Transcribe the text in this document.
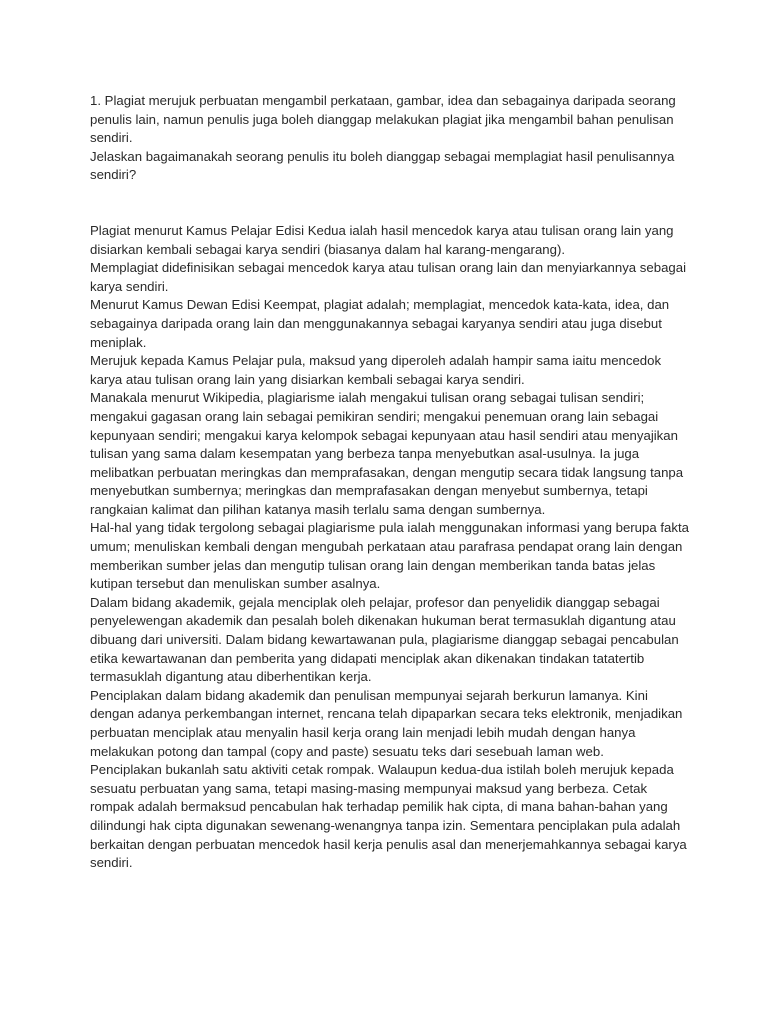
1. Plagiat merujuk perbuatan mengambil perkataan, gambar, idea dan sebagainya daripada seorang penulis lain, namun penulis juga boleh dianggap melakukan plagiat jika mengambil bahan penulisan sendiri.

Jelaskan bagaimanakah seorang penulis itu boleh dianggap sebagai memplagiat hasil penulisannya sendiri?

Plagiat menurut Kamus Pelajar Edisi Kedua ialah hasil mencedok karya atau tulisan orang lain yang disiarkan kembali sebagai karya sendiri (biasanya dalam hal karang-mengarang).

Memplagiat didefinisikan sebagai mencedok karya atau tulisan orang lain dan menyiarkannya sebagai karya sendiri.

Menurut Kamus Dewan Edisi Keempat, plagiat adalah; memplagiat, mencedok kata-kata, idea, dan sebagainya daripada orang lain dan menggunakannya sebagai karyanya sendiri atau juga disebut meniplak.

Merujuk kepada Kamus Pelajar pula, maksud yang diperoleh adalah hampir sama iaitu mencedok karya atau tulisan orang lain yang disiarkan kembali sebagai karya sendiri.

Manakala menurut Wikipedia, plagiarisme ialah mengakui tulisan orang sebagai tulisan sendiri; mengakui gagasan orang lain sebagai pemikiran sendiri; mengakui penemuan orang lain sebagai kepunyaan sendiri; mengakui karya kelompok sebagai kepunyaan atau hasil sendiri atau menyajikan tulisan yang sama dalam kesempatan yang berbeza tanpa menyebutkan asal-usulnya. Ia juga melibatkan perbuatan meringkas dan memprafasakan, dengan mengutip secara tidak langsung tanpa menyebutkan sumbernya; meringkas dan memprafasakan dengan menyebut sumbernya, tetapi rangkaian kalimat dan pilihan katanya masih terlalu sama dengan sumbernya.

Hal-hal yang tidak tergolong sebagai plagiarisme pula ialah menggunakan informasi yang berupa fakta umum; menuliskan kembali dengan mengubah perkataan atau parafrasa pendapat orang lain dengan memberikan sumber jelas dan mengutip tulisan orang lain dengan memberikan tanda batas jelas kutipan tersebut dan menuliskan sumber asalnya.

Dalam bidang akademik, gejala menciplak oleh pelajar, profesor dan penyelidik dianggap sebagai penyelewengan akademik dan pesalah boleh dikenakan hukuman berat termasuklah digantung atau dibuang dari universiti. Dalam bidang kewartawanan pula, plagiarisme dianggap sebagai pencabulan etika kewartawanan dan pemberita yang didapati menciplak akan dikenakan tindakan tatatertib termasuklah digantung atau diberhentikan kerja.

Penciplakan dalam bidang akademik dan penulisan mempunyai sejarah berkurun lamanya. Kini dengan adanya perkembangan internet, rencana telah dipaparkan secara teks elektronik, menjadikan perbuatan menciplak atau menyalin hasil kerja orang lain menjadi lebih mudah dengan hanya melakukan potong dan tampal (copy and paste) sesuatu teks dari sesebuah laman web.

Penciplakan bukanlah satu aktiviti cetak rompak. Walaupun kedua-dua istilah boleh merujuk kepada sesuatu perbuatan yang sama, tetapi masing-masing mempunyai maksud yang berbeza. Cetak rompak adalah bermaksud pencabulan hak terhadap pemilik hak cipta, di mana bahan-bahan yang dilindungi hak cipta digunakan sewenang-wenangnya tanpa izin. Sementara penciplakan pula adalah berkaitan dengan perbuatan mencedok hasil kerja penulis asal dan menerjemahkannya sebagai karya sendiri.
